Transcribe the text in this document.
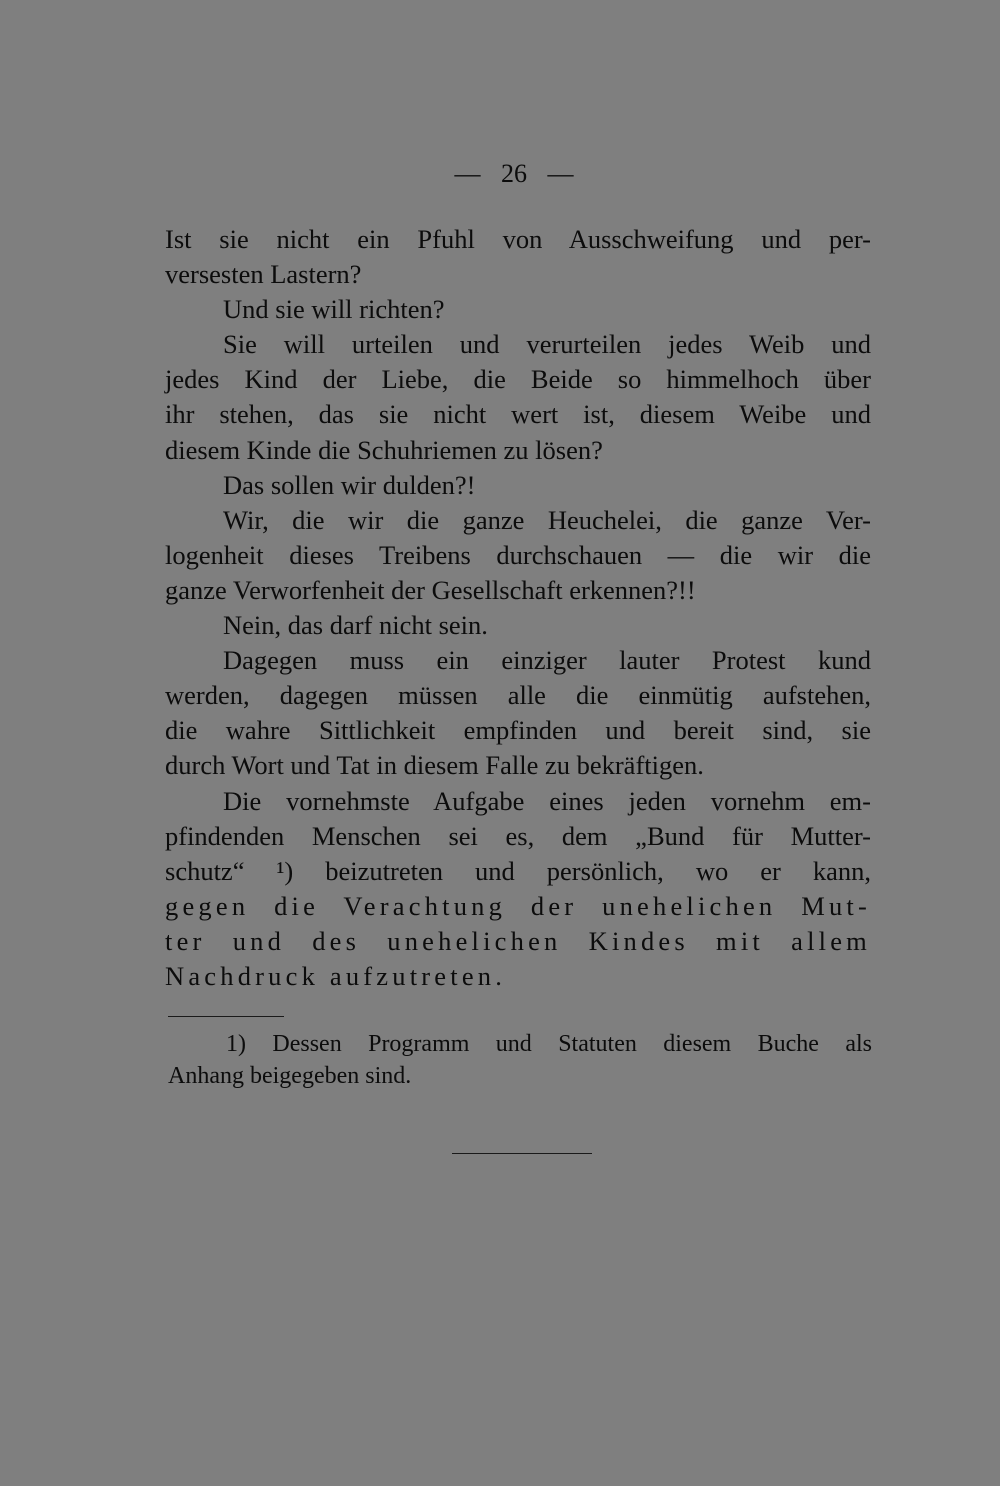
— 26 —
Ist sie nicht ein Pfuhl von Ausschweifung und per-
versesten Lastern?
Und sie will richten?
Sie will urteilen und verurteilen jedes Weib und
jedes Kind der Liebe, die Beide so himmelhoch über
ihr stehen, das sie nicht wert ist, diesem Weibe und
diesem Kinde die Schuhriemen zu lösen?
Das sollen wir dulden?!
Wir, die wir die ganze Heuchelei, die ganze Ver-
logenheit dieses Treibens durchschauen — die wir die
ganze Verworfenheit der Gesellschaft erkennen?!!
Nein, das darf nicht sein.
Dagegen muss ein einziger lauter Protest kund
werden, dagegen müssen alle die einmütig aufstehen,
die wahre Sittlichkeit empfinden und bereit sind, sie
durch Wort und Tat in diesem Falle zu bekräftigen.
Die vornehmste Aufgabe eines jeden vornehm em-
pfindenden Menschen sei es, dem „Bund für Mutter-
schutz“ ¹) beizutreten und persönlich, wo er kann,
gegen die Verachtung der unehelichen Mut-
ter und des unehelichen Kindes mit allem
Nachdruck aufzutreten.
1) Dessen Programm und Statuten diesem Buche als
Anhang beigegeben sind.
